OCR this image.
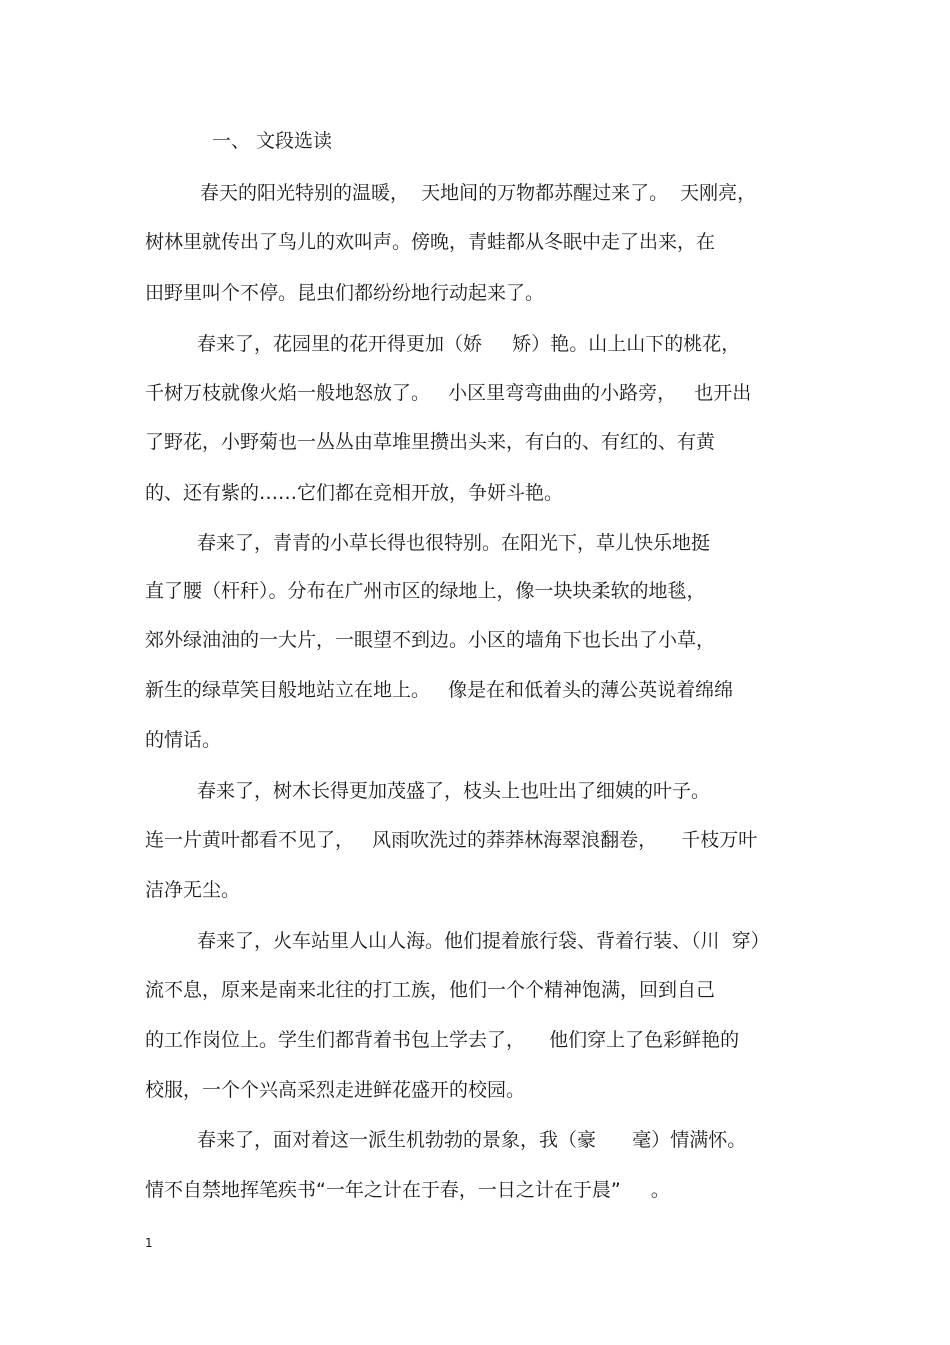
一、 文段选读
春天的阳光特别的温暖，  天地间的万物都苏醒过来了。  天刚亮，
树林里就传出了鸟儿的欢叫声。傍晚，青蛙都从冬眠中走了出来，在
田野里叫个不停。昆虫们都纷纷地行动起来了。
春来了，花园里的花开得更加（娇     矫）艳。山上山下的桃花，
千树万枝就像火焰一般地怒放了。   小区里弯弯曲曲的小路旁，   也开出
了野花，小野菊也一丛丛由草堆里攒出头来，有白的、有红的、有黄
的、还有紫的……它们都在竞相开放，争妍斗艳。
春来了，青青的小草长得也很特别。在阳光下，草儿快乐地挺
直了腰（杆秆）。分布在广州市区的绿地上，像一块块柔软的地毯，
郊外绿油油的一大片，一眼望不到边。小区的墙角下也长出了小草，
新生的绿草笑目般地站立在地上。   像是在和低着头的薄公英说着绵绵
的情话。
春来了，树木长得更加茂盛了，枝头上也吐出了细姨的叶子。
连一片黄叶都看不见了，   风雨吹洗过的莽莽林海翠浪翻卷，    千枝万叶
洁净无尘。
春来了，火车站里人山人海。他们提着旅行袋、背着行装、（川  穿）
流不息，原来是南来北往的打工族，他们一个个精神饱满，回到自己
的工作岗位上。学生们都背着书包上学去了，    他们穿上了色彩鲜艳的
校服，一个个兴高采烈走进鲜花盛开的校园。
春来了，面对着这一派生机勃勃的景象，我（豪      毫）情满怀。
情不自禁地挥笔疾书“一年之计在于春，一日之计在于晨”     。
1
